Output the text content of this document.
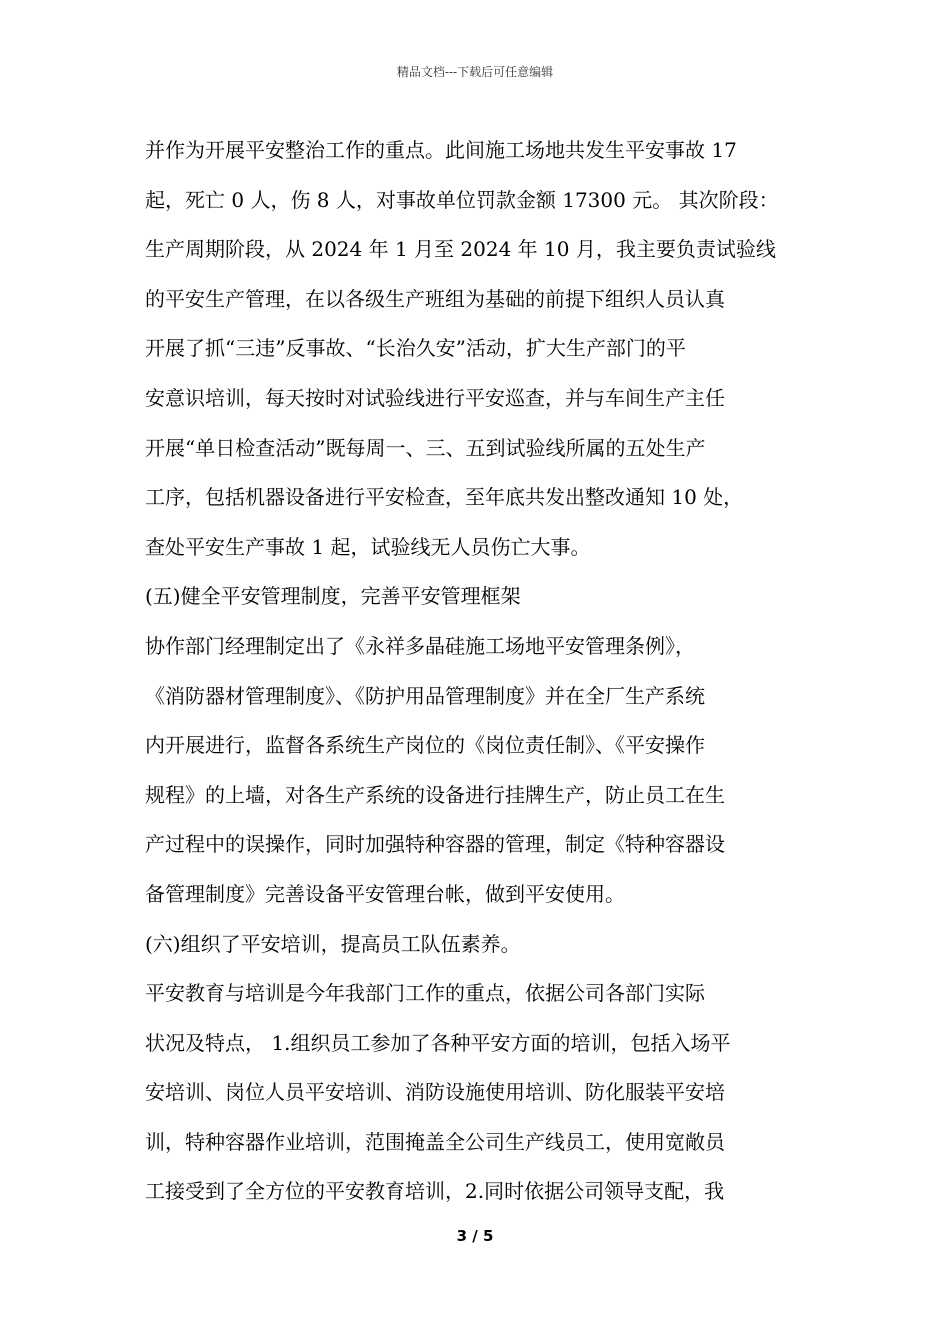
精品文档---下载后可任意编辑
并作为开展平安整治工作的重点。此间施工场地共发生平安事故 17
起，死亡 0 人，伤 8 人，对事故单位罚款金额 17300 元。 其次阶段：
生产周期阶段，从 2024 年 1 月至 2024 年 10 月，我主要负责试验线
的平安生产管理，在以各级生产班组为基础的前提下组织人员认真
开展了抓“三违”反事故、“长治久安”活动，扩大生产部门的平
安意识培训，每天按时对试验线进行平安巡查，并与车间生产主任
开展“单日检查活动”既每周一、三、五到试验线所属的五处生产
工序，包括机器设备进行平安检查，至年底共发出整改通知 10 处，
查处平安生产事故 1 起，试验线无人员伤亡大事。
(五)健全平安管理制度，完善平安管理框架
协作部门经理制定出了《永祥多晶硅施工场地平安管理条例》，
《消防器材管理制度》、《防护用品管理制度》并在全厂生产系统
内开展进行，监督各系统生产岗位的《岗位责任制》、《平安操作
规程》的上墙，对各生产系统的设备进行挂牌生产，防止员工在生
产过程中的误操作，同时加强特种容器的管理，制定《特种容器设
备管理制度》完善设备平安管理台帐，做到平安使用。
(六)组织了平安培训，提高员工队伍素养。
平安教育与培训是今年我部门工作的重点，依据公司各部门实际
状况及特点， 1.组织员工参加了各种平安方面的培训，包括入场平
安培训、岗位人员平安培训、消防设施使用培训、防化服装平安培
训，特种容器作业培训，范围掩盖全公司生产线员工，使用宽敞员
工接受到了全方位的平安教育培训，2.同时依据公司领导支配，我
3 / 5
